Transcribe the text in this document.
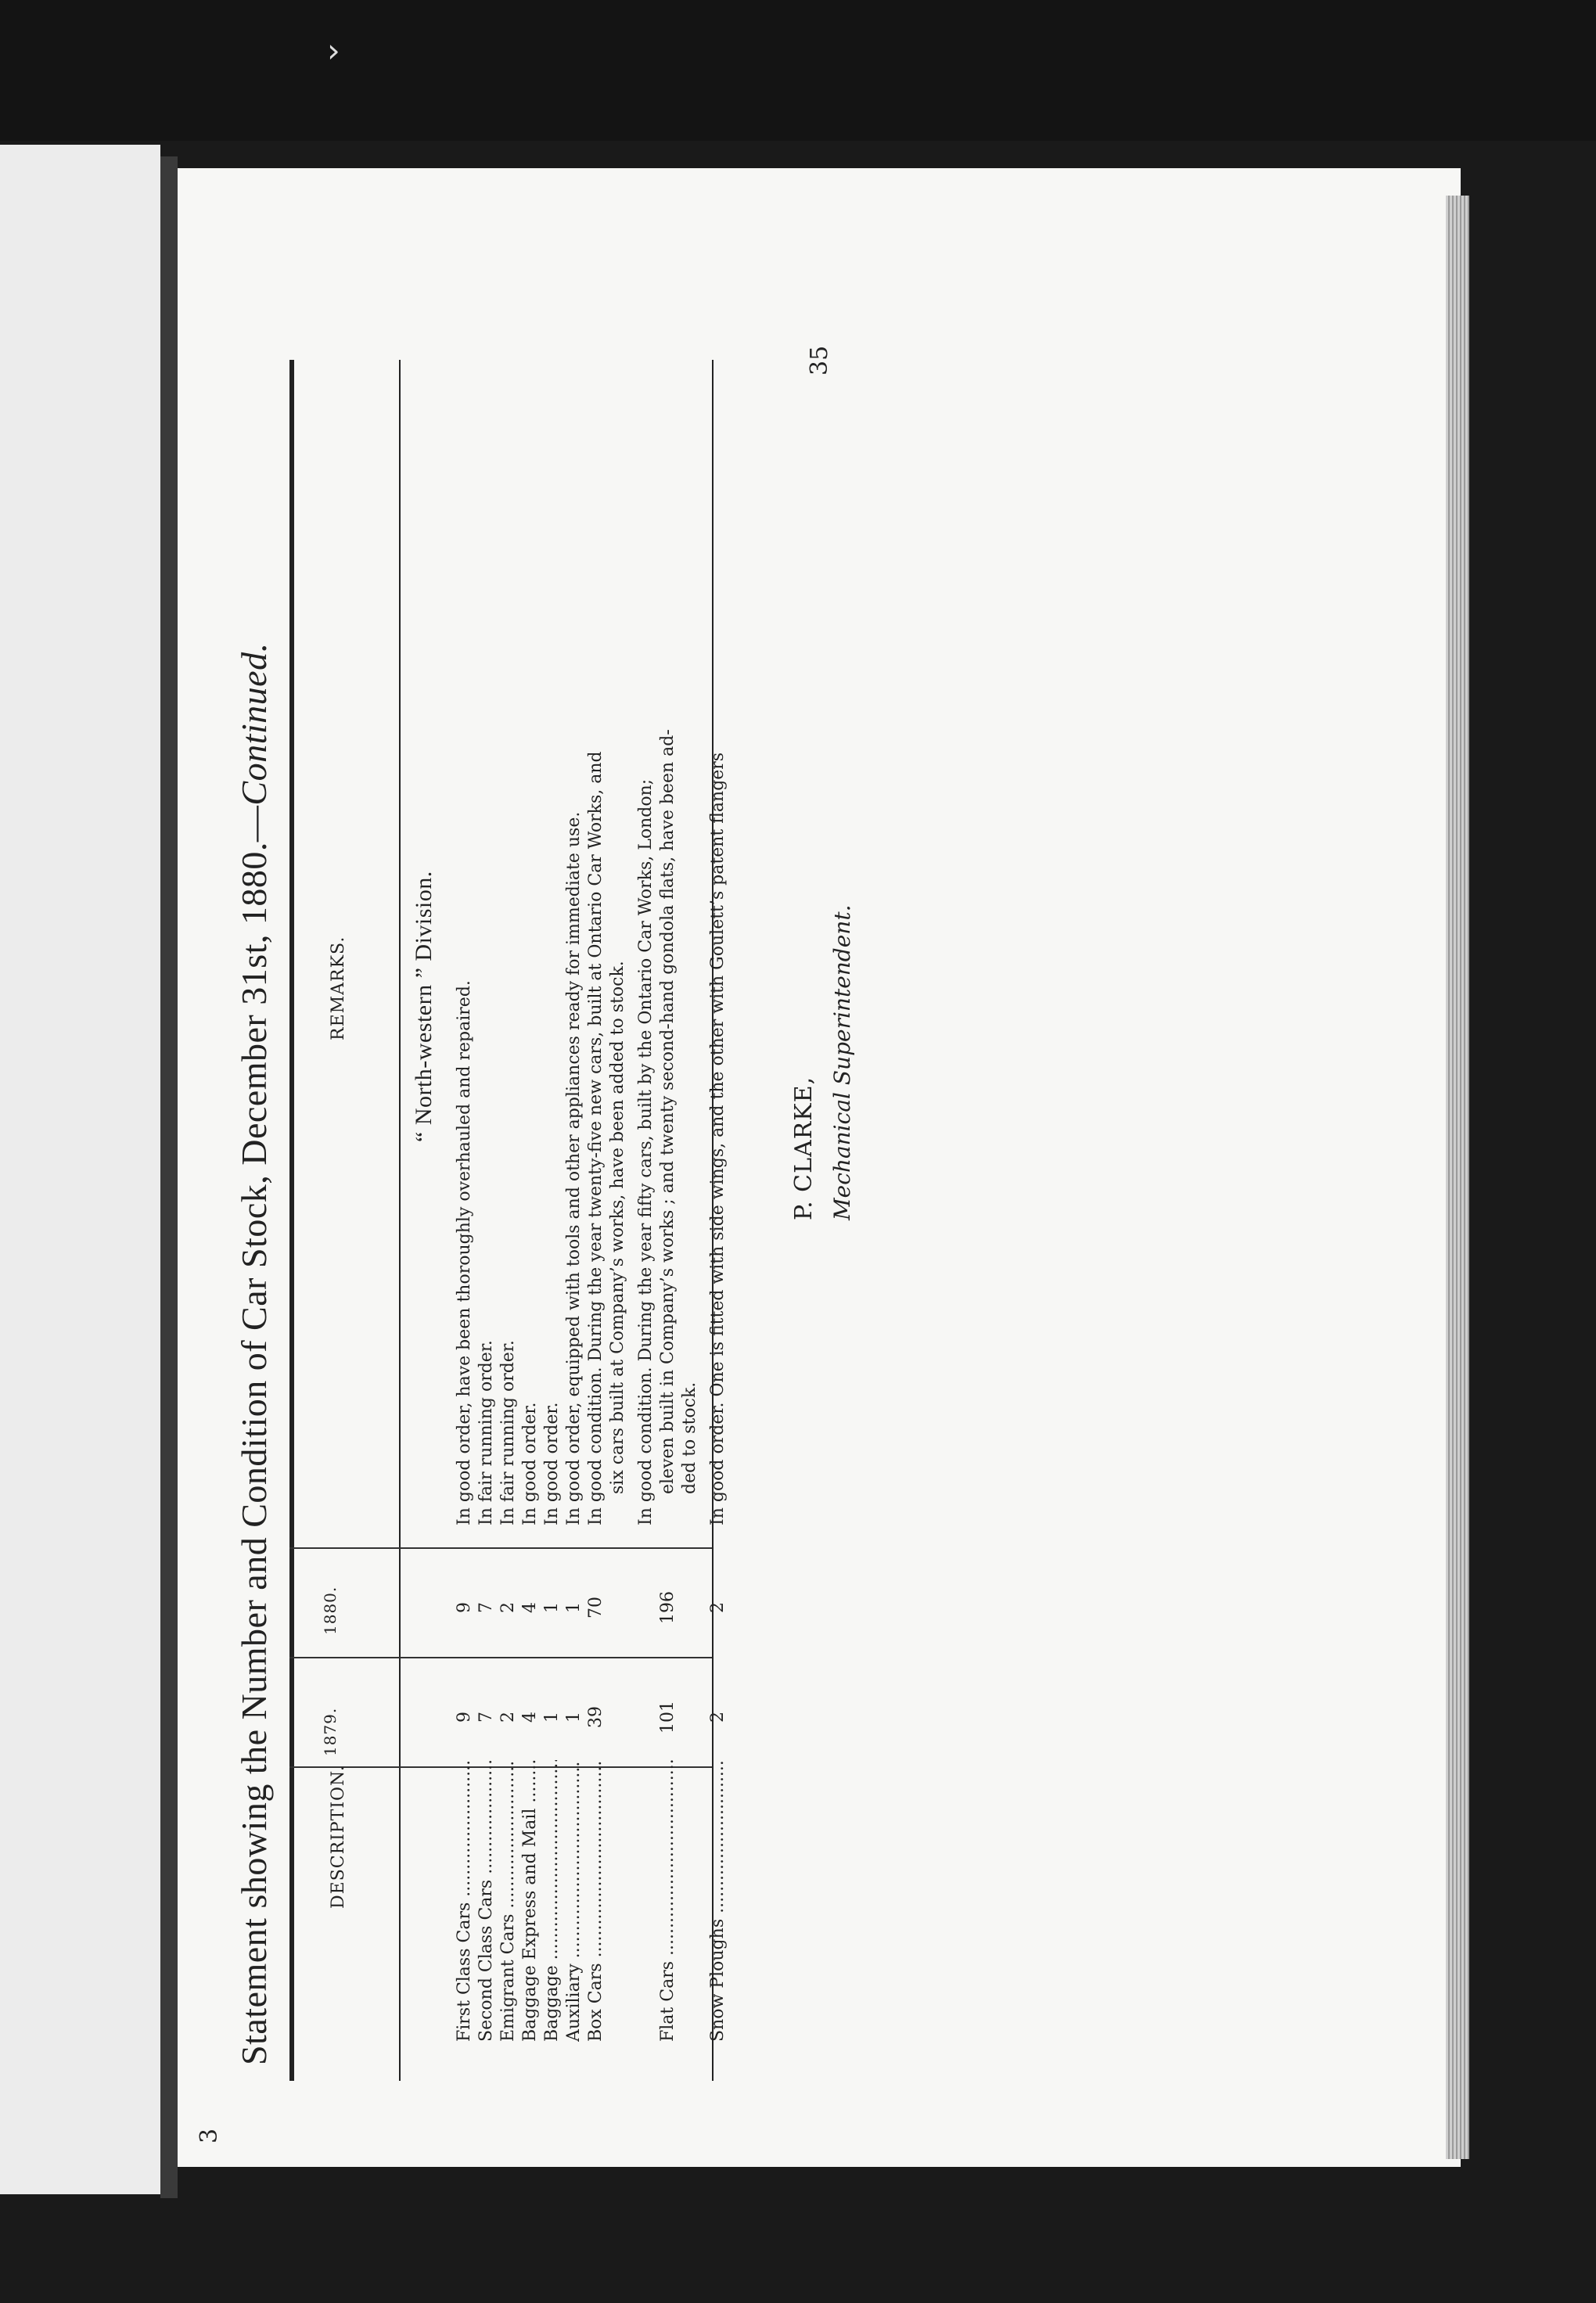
›
3
Statement showing the Number and Condition of Car Stock, December 31st, 1880.—Continued.
DESCRIPTION.
1879.
1880.
REMARKS.	“ North-western ” Division.
First Class Cars .....
9
9
In good order, have been thoroughly overhauled and repaired.
Second Class Cars .....
7
7
In fair running order.
Emigrant Cars .....
2
2
In fair running order.
Baggage Express and Mail .....
4
4
In good order.
Baggage .....
1
1
In good order.
Auxiliary .....
1
1
In good order, equipped with tools and other appliances ready for immediate use.
Box Cars .....
39
70
In good condition. During the year twenty-five new cars, built at Ontario Car Works, and six cars built at Company’s works, have been added to stock.
Flat Cars .....
101
196
In good condition. During the year fifty cars, built by the Ontario Car Works, London; eleven built in Company’s works ; and twenty second-hand gondola flats, have been ad- ded to stock.
Snow Ploughs .....
2
2
In good order. One is fitted with side wings, and the other with Goulett’s patent flangers	P. CLARKE, Mechanical Superintendent.
35
